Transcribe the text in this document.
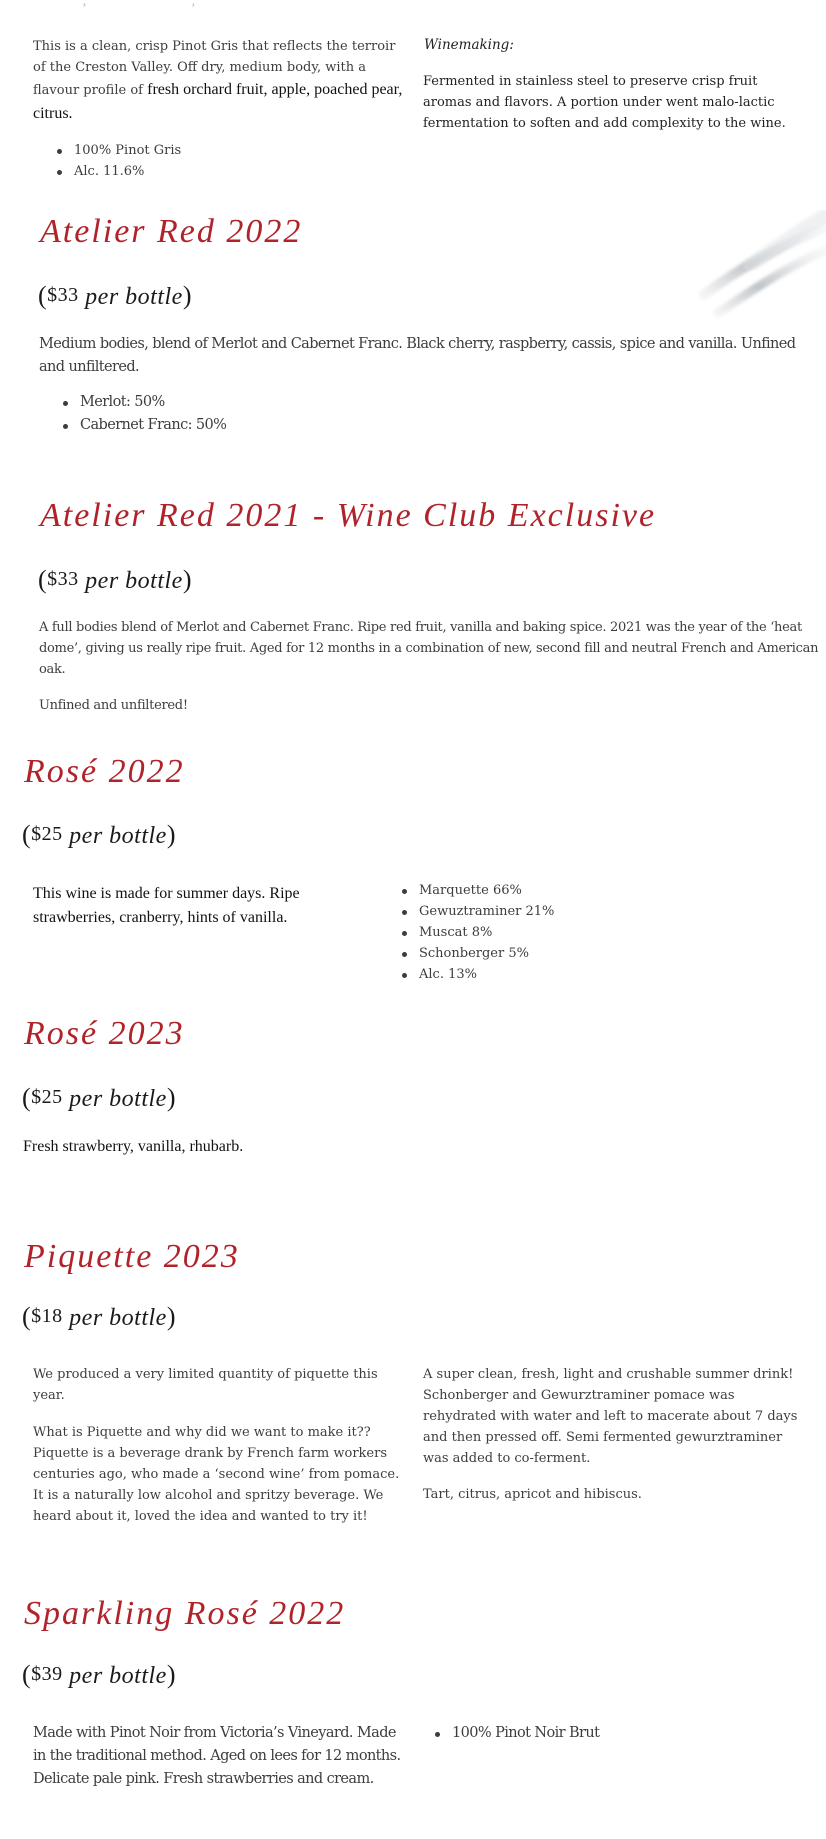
‚                              ,

This is a clean, crisp Pinot Gris that reflects the terroir of the Creston Valley. Off dry, medium body, with a flavour profile of fresh orchard fruit, apple, poached pear, citrus.

100% Pinot Gris
Alc. 11.6%
Winemaking:

Fermented in stainless steel to preserve crisp fruit aromas and flavors. A portion under went malo-lactic fermentation to soften and add complexity to the wine.

Atelier Red 2022
($33 per bottle)

Medium bodies, blend of Merlot and Cabernet Franc. Black cherry, raspberry, cassis, spice and vanilla. Unfined and unfiltered.

Merlot: 50%
Cabernet Franc: 50%
Atelier Red 2021 - Wine Club Exclusive
($33 per bottle)

A full bodies blend of Merlot and Cabernet Franc. Ripe red fruit, vanilla and baking spice. 2021 was the year of the ‘heat dome’, giving us really ripe fruit. Aged for 12 months in a combination of new, second fill and neutral French and American oak.

Unfined and unfiltered!

Rosé 2022
($25 per bottle)

This wine is made for summer days. Ripe strawberries, cranberry, hints of vanilla.

Marquette 66%
Gewuztraminer 21%
Muscat 8%
Schonberger 5%
Alc. 13%
Rosé 2023
($25 per bottle)

Fresh strawberry, vanilla, rhubarb.

Piquette 2023
($18 per bottle)

We produced a very limited quantity of piquette this year.

What is Piquette and why did we want to make it?? Piquette is a beverage drank by French farm workers centuries ago, who made a ‘second wine’ from pomace. It is a naturally low alcohol and spritzy beverage. We heard about it, loved the idea and wanted to try it!

A super clean, fresh, light and crushable summer drink! Schonberger and Gewurztraminer pomace was rehydrated with water and left to macerate about 7 days and then pressed off. Semi fermented gewurztraminer was added to co-ferment.

Tart, citrus, apricot and hibiscus.

Sparkling Rosé 2022
($39 per bottle)

Made with Pinot Noir from Victoria’s Vineyard. Made in the traditional method. Aged on lees for 12 months. Delicate pale pink. Fresh strawberries and cream.

100% Pinot Noir Brut
